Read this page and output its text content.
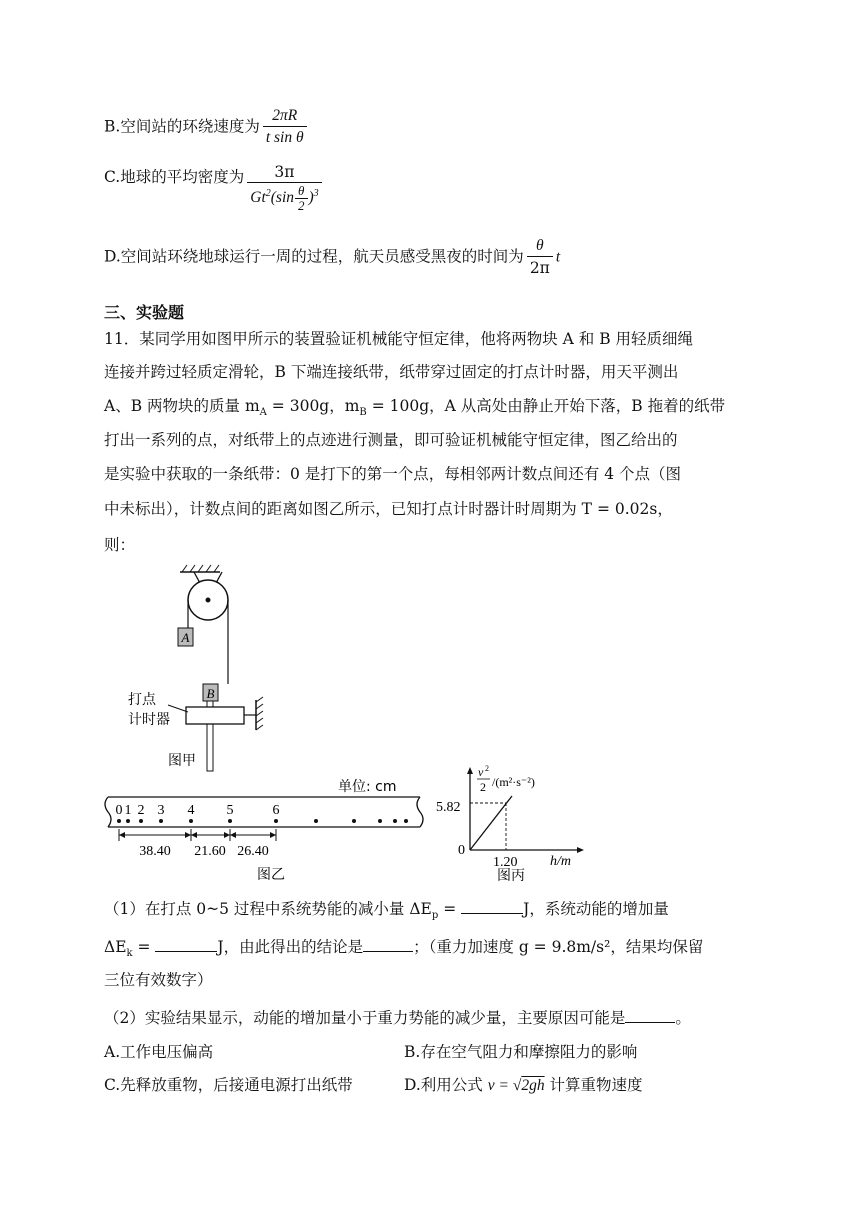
B.空间站的环绕速度为 $\frac{2\pi R}{\text{t sin θ}}$
C.地球的平均密度为 $\frac{3\pi}{Gt^2(\sin \frac{\theta}{2} )^3}$
D.空间站环绕地球运行一周的过程，航天员感受黑夜的时间为 $\frac{\theta}{2\pi}$ t
三、实验题
11．某同学用如图甲所示的装置验证机械能守恒定律，他将两物块 A 和 B 用轻质细绳
连接并跨过轻质定滑轮，B 下端连接纸带，纸带穿过固定的打点计时器，用天平测出
A、B 两物块的质量 $m_A = 300g$，$m_B = 100g$，A 从高处由静止开始下落，B 拖着的纸带
打出一系列的点，对纸带上的点迹进行测量，即可验证机械能守恒定律，图乙给出的
是实验中获取的一条纸带：0 是打下的第一个点，每相邻两计数点间还有 4 个点（图
中未标出），计数点间的距离如图乙所示，已知打点计时器计时周期为 T = 0.02s，
则：
A
B
打点
计时器
图甲
单位: cm
0 1 2 3 4 5	6
38.40 21.60 26.40
图乙
v 2
2 /(m²·s⁻²)
5.82
0
1.20 h/m
图丙
（1）在打点 0~5 过程中系统势能的减小量 $\Delta E_p$ =	J，系统动能的增加量
$\Delta E_k$ =	J，由此得出的结论是	；（重力加速度 g = 9.8m/s²，结果均保留
三位有效数字）
（2）实验结果显示，动能的增加量小于重力势能的减少量，主要原因可能是	。
A.工作电压偏高	B.存在空气阻力和摩擦阻力的影响
C.先释放重物，后接通电源打出纸带	D.利用公式 v = √2gh 计算重物速度
